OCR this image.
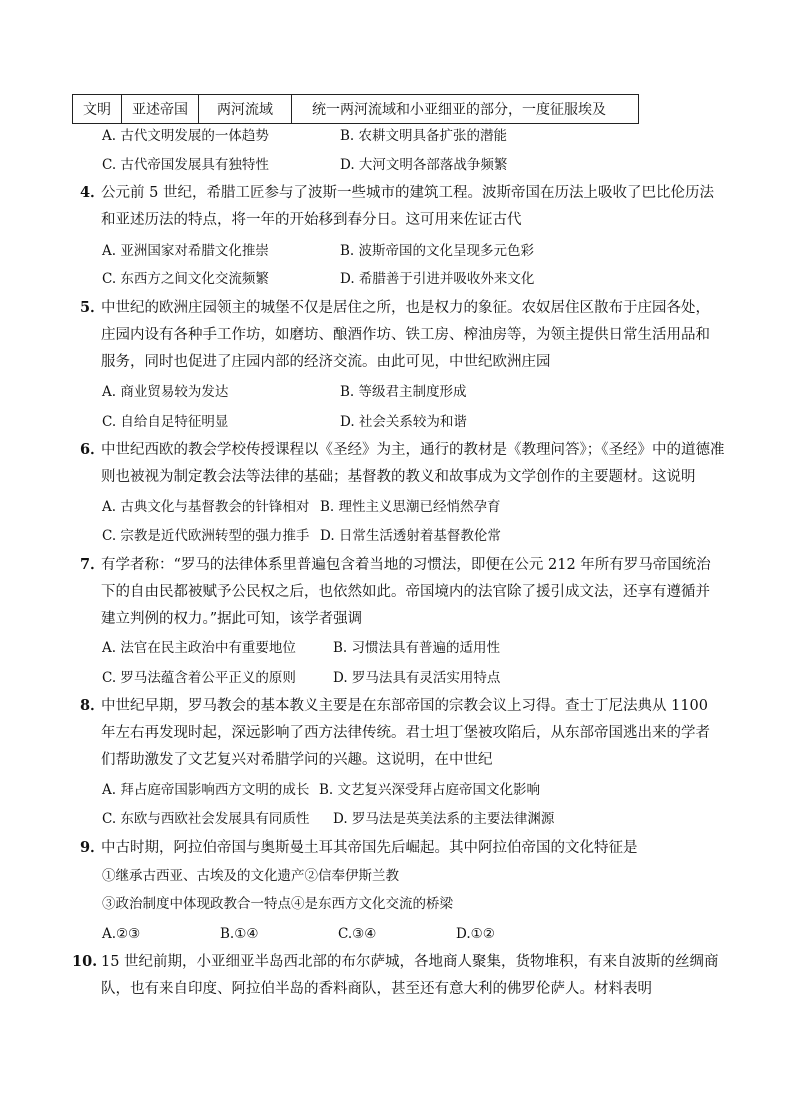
文明	亚述帝国	两河流域	统一两河流域和小亚细亚的部分，一度征服埃及
A. 古代文明发展的一体趋势	B. 农耕文明具备扩张的潜能
C. 古代帝国发展具有独特性	D. 大河文明各部落战争频繁
4．
公元前 5 世纪，希腊工匠参与了波斯一些城市的建筑工程。波斯帝国在历法上吸收了巴比伦历法
和亚述历法的特点，将一年的开始移到春分日。这可用来佐证古代
A. 亚洲国家对希腊文化推崇	B. 波斯帝国的文化呈现多元色彩
C. 东西方之间文化交流频繁	D. 希腊善于引进并吸收外来文化
5．
中世纪的欧洲庄园领主的城堡不仅是居住之所，也是权力的象征。农奴居住区散布于庄园各处，
庄园内设有各种手工作坊，如磨坊、酿酒作坊、铁工房、榨油房等，为领主提供日常生活用品和
服务，同时也促进了庄园内部的经济交流。由此可见，中世纪欧洲庄园
A. 商业贸易较为发达	B. 等级君主制度形成
C. 自给自足特征明显	D. 社会关系较为和谐
6．
中世纪西欧的教会学校传授课程以《圣经》为主，通行的教材是《教理问答》；《圣经》中的道德准
则也被视为制定教会法等法律的基础；基督教的教义和故事成为文学创作的主要题材。这说明
A. 古典文化与基督教会的针锋相对 B. 理性主义思潮已经悄然孕育
C. 宗教是近代欧洲转型的强力推手 D. 日常生活透射着基督教伦常
7．
有学者称：“罗马的法律体系里普遍包含着当地的习惯法，即便在公元 212 年所有罗马帝国统治
下的自由民都被赋予公民权之后，也依然如此。帝国境内的法官除了援引成文法，还享有遵循并
建立判例的权力。”据此可知，该学者强调
A. 法官在民主政治中有重要地位	B. 习惯法具有普遍的适用性
C. 罗马法蕴含着公平正义的原则	D. 罗马法具有灵活实用特点
8．
中世纪早期，罗马教会的基本教义主要是在东部帝国的宗教会议上习得。查士丁尼法典从 1100
年左右再发现时起，深远影响了西方法律传统。君士坦丁堡被攻陷后，从东部帝国逃出来的学者
们帮助激发了文艺复兴对希腊学问的兴趣。这说明，在中世纪
A. 拜占庭帝国影响西方文明的成长 B. 文艺复兴深受拜占庭帝国文化影响
C. 东欧与西欧社会发展具有同质性 D. 罗马法是英美法系的主要法律渊源
9．
中古时期，阿拉伯帝国与奥斯曼土耳其帝国先后崛起。其中阿拉伯帝国的文化特征是
①继承古西亚、古埃及的文化遗产②信奉伊斯兰教
③政治制度中体现政教合一特点④是东西方文化交流的桥梁
A.②③	B.①④	C.③④	D.①②
10. 15 世纪前期，小亚细亚半岛西北部的布尔萨城，各地商人聚集，货物堆积，有来自波斯的丝绸商
队，也有来自印度、阿拉伯半岛的香料商队，甚至还有意大利的佛罗伦萨人。材料表明
